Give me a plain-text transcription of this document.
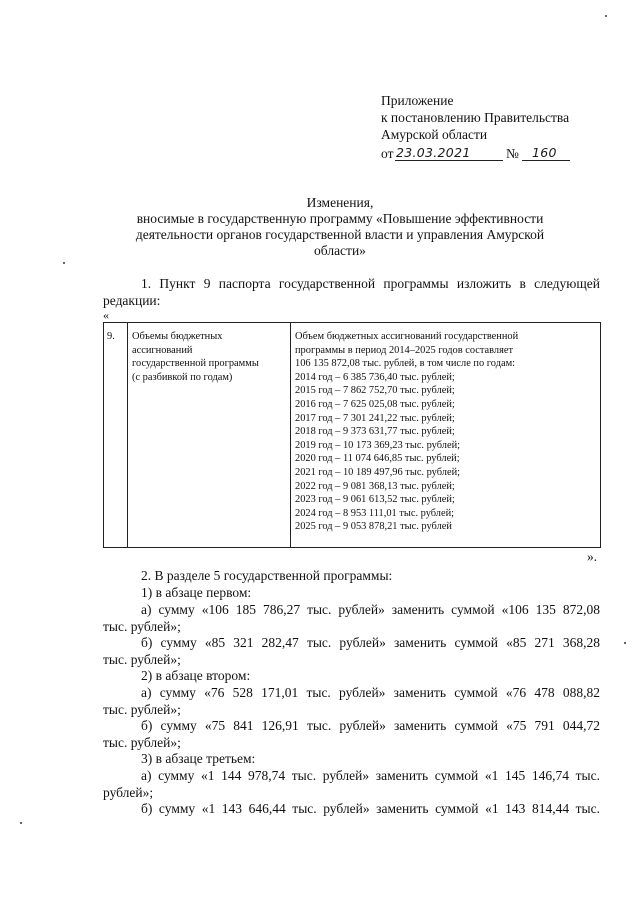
Приложение
к постановлению Правительства
Амурской области
от 23.03.2021	№ 160
Изменения,
вносимые в государственную программу «Повышение эффективности
деятельности органов государственной власти и управления Амурской
области»
1. Пункт 9 паспорта государственной программы изложить в следующей
редакции:
«
9. Объемы бюджетных
ассигнований
государственной программы
(с разбивкой по годам)
Объем бюджетных ассигнований государственной
программы в период 2014–2025 годов составляет
106 135 872,08 тыс. рублей, в том числе по годам:
2014 год – 6 385 736,40 тыс. рублей;
2015 год – 7 862 752,70 тыс. рублей;
2016 год – 7 625 025,08 тыс. рублей;
2017 год – 7 301 241,22 тыс. рублей;
2018 год – 9 373 631,77 тыс. рублей;
2019 год – 10 173 369,23 тыс. рублей;
2020 год – 11 074 646,85 тыс. рублей;
2021 год – 10 189 497,96 тыс. рублей;
2022 год – 9 081 368,13 тыс. рублей;
2023 год – 9 061 613,52 тыс. рублей;
2024 год – 8 953 111,01 тыс. рублей;
2025 год – 9 053 878,21 тыс. рублей
».
2. В разделе 5 государственной программы:
1) в абзаце первом:
а) сумму «106 185 786,27 тыс. рублей» заменить суммой «106 135 872,08
тыс. рублей»;
б) сумму «85 321 282,47 тыс. рублей» заменить суммой «85 271 368,28
тыс. рублей»;
2) в абзаце втором:
а) сумму «76 528 171,01 тыс. рублей» заменить суммой «76 478 088,82
тыс. рублей»;
б) сумму «75 841 126,91 тыс. рублей» заменить суммой «75 791 044,72
тыс. рублей»;
3) в абзаце третьем:
а) сумму «1 144 978,74 тыс. рублей» заменить суммой «1 145 146,74 тыс.
рублей»;
б) сумму «1 143 646,44 тыс. рублей» заменить суммой «1 143 814,44 тыс.
